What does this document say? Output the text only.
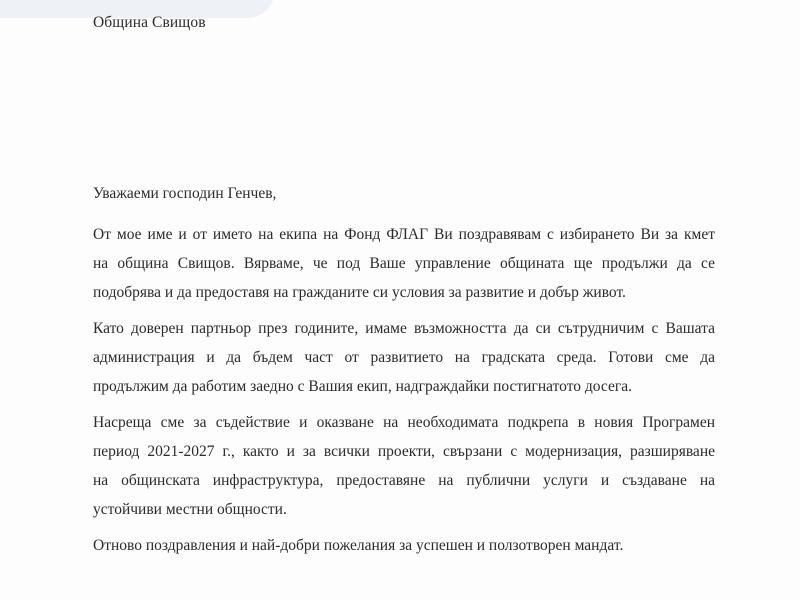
Община Свищов
Уважаеми господин Генчев,
От мое име и от името на екипа на Фонд ФЛАГ Ви поздравявам с избирането Ви за кмет
на община Свищов. Вярваме, че под Ваше управление общината ще продължи да се
подобрява и да предоставя на гражданите си условия за развитие и добър живот.
Като доверен партньор през годините, имаме възможността да си сътрудничим с Вашата
администрация и да бъдем част от развитието на градската среда. Готови сме да
продължим да работим заедно с Вашия екип, надграждайки постигнатото досега.
Насреща сме за съдействие и оказване на необходимата подкрепа в новия Програмен
период 2021-2027 г., както и за всички проекти, свързани с модернизация, разширяване
на общинската инфраструктура, предоставяне на публични услуги и създаване на
устойчиви местни общности.
Отново поздравления и най-добри пожелания за успешен и ползотворен мандат.
